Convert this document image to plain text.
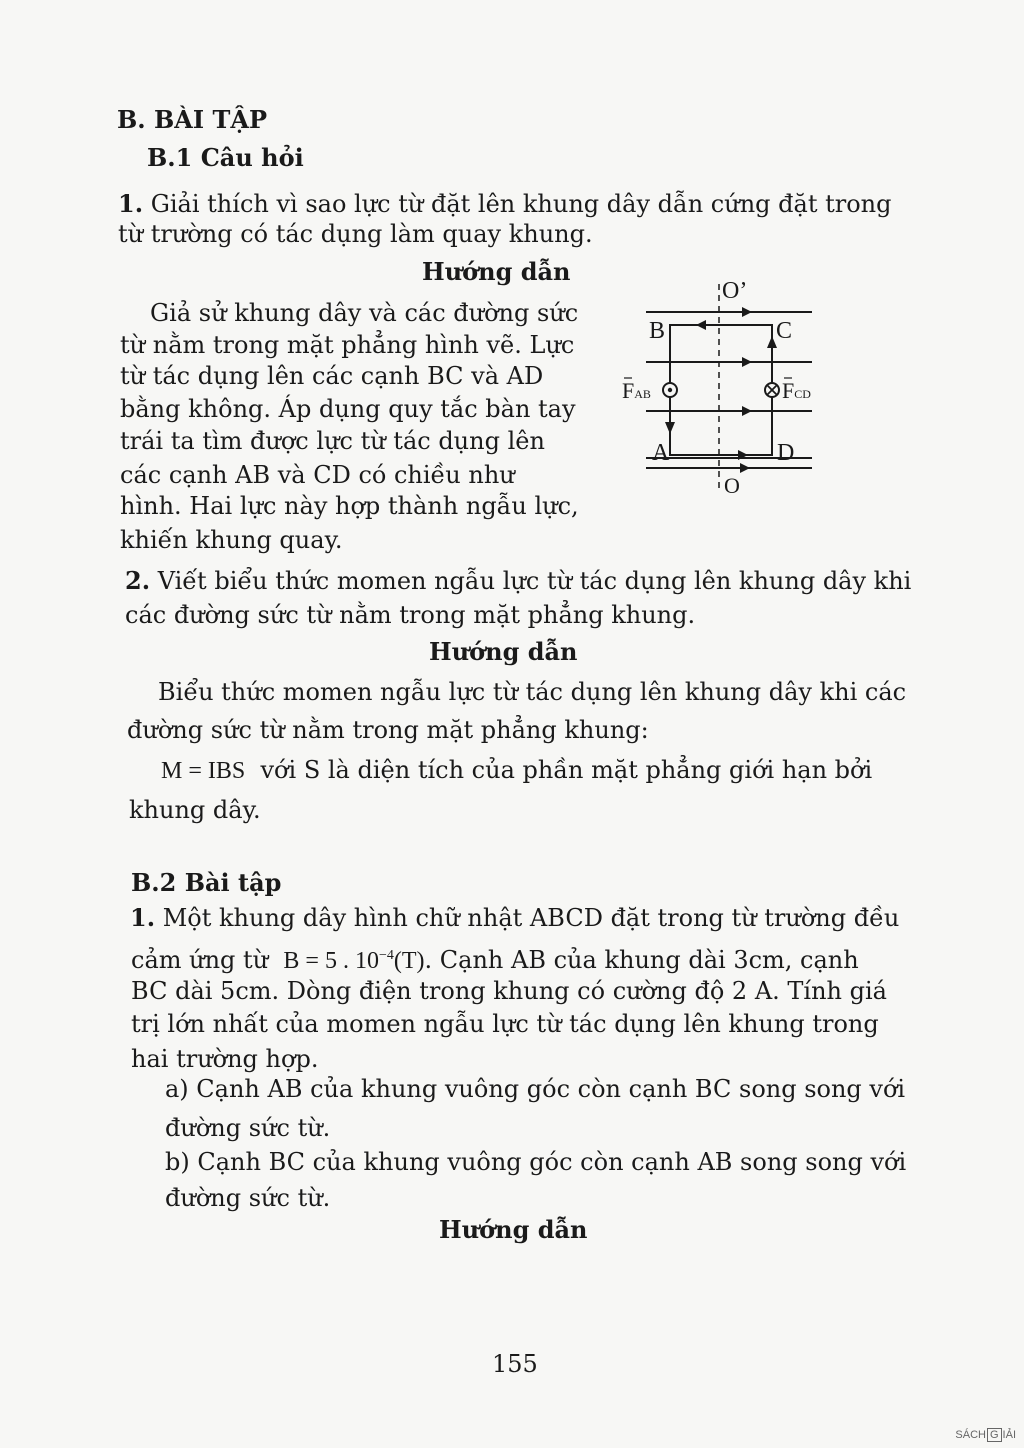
B. BÀI TẬP
B.1 Câu hỏi
1. Giải thích vì sao lực từ đặt lên khung dây dẫn cứng đặt trong
từ trường có tác dụng làm quay khung.
Hướng dẫn
Giả sử khung dây và các đường sức
từ nằm trong mặt phẳng hình vẽ. Lực
từ tác dụng lên các cạnh BC và AD
bằng không. Áp dụng quy tắc bàn tay
trái ta tìm được lực từ tác dụng lên
các cạnh AB và CD có chiều như
hình. Hai lực này hợp thành ngẫu lực,
khiến khung quay.
O’
O
B	C
A	D
FAB	FCD
2. Viết biểu thức momen ngẫu lực từ tác dụng lên khung dây khi
các đường sức từ nằm trong mặt phẳng khung.
Hướng dẫn
Biểu thức momen ngẫu lực từ tác dụng lên khung dây khi các
đường sức từ nằm trong mặt phẳng khung:
M = IBS với S là diện tích của phần mặt phẳng giới hạn bởi
khung dây.
B.2 Bài tập
1. Một khung dây hình chữ nhật ABCD đặt trong từ trường đều
cảm ứng từ B = 5 . $10^{-4}(T)$. Cạnh AB của khung dài 3cm, cạnh
BC dài 5cm. Dòng điện trong khung có cường độ 2 A. Tính giá
trị lớn nhất của momen ngẫu lực từ tác dụng lên khung trong
hai trường hợp.
a) Cạnh AB của khung vuông góc còn cạnh BC song song với
đường sức từ.
b) Cạnh BC của khung vuông góc còn cạnh AB song song với
đường sức từ.
Hướng dẫn
155
SÁCH G IẢI
